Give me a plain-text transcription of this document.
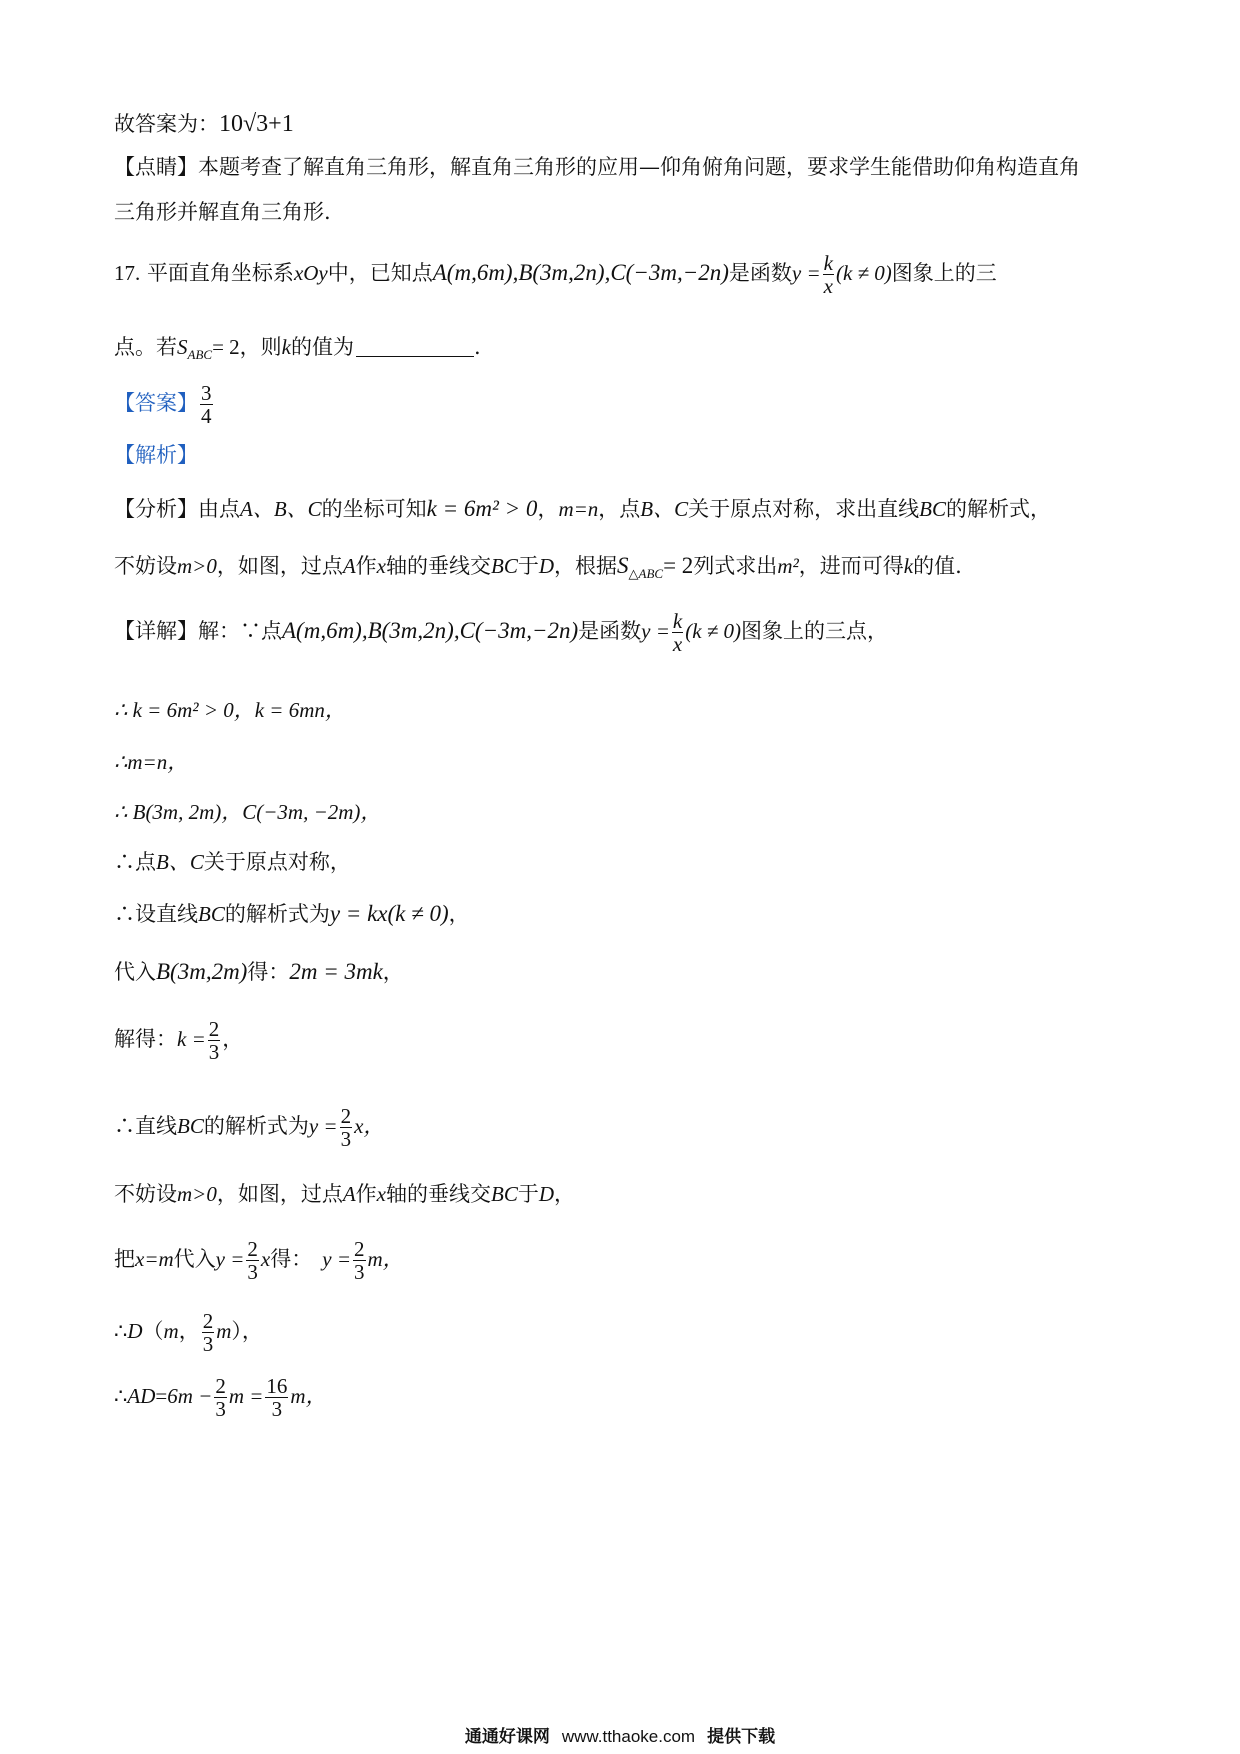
故答案为：10√3+1
【点睛】本题考查了解直角三角形，解直角三角形的应用—仰角俯角问题，要求学生能借助仰角构造直角
三角形并解直角三角形.
17. 平面直角坐标系xOy中，已知点A(m,6m),B(3m,2n),C(−3m,−2n)是函数$y = \frac{k}{x} (k \ne 0)$图象上的三
点。若$S_{ABC}= 2$，则k的值为	.
【答案】 $\frac{3}{4}$
【解析】
【分析】由点A、B、C的坐标可知k = 6m² > 0，m=n，点B、C关于原点对称，求出直线BC的解析式，
不妨设m>0，如图，过点A作x轴的垂线交BC于D，根据$S_{\triangle ABC}= 2$列式求出m²，进而可得k的值.
【详解】解：∵点A(m,6m),B(3m,2n),C(−3m,−2n)是函数$y = \frac{k}{x} (k \ne 0)$图象上的三点，
∴ k = 6m² > 0，k = 6mn，
∴m=n，
∴ B(3m, 2m)，C(−3m, −2m)，
∴点B、C关于原点对称，
∴设直线BC的解析式为y = kx(k ≠ 0)，
代入B(3m,2m)得：2m = 3mk，
解得：$k = \frac{2}{3}$ ，
∴直线BC的解析式为$y = \frac{2}{3}$ x，
不妨设m>0，如图，过点A作x轴的垂线交BC于D，
把x=m代入$y = \frac{2}{3}$ x得： $y = \frac{2}{3}$ m，
∴D（m， $\frac{2}{3} m$），
∴AD=6m − $\frac{2}{3}$ $m = \frac{16}{3}$ m，
通通好课网 www.tthaoke.com 提供下载
